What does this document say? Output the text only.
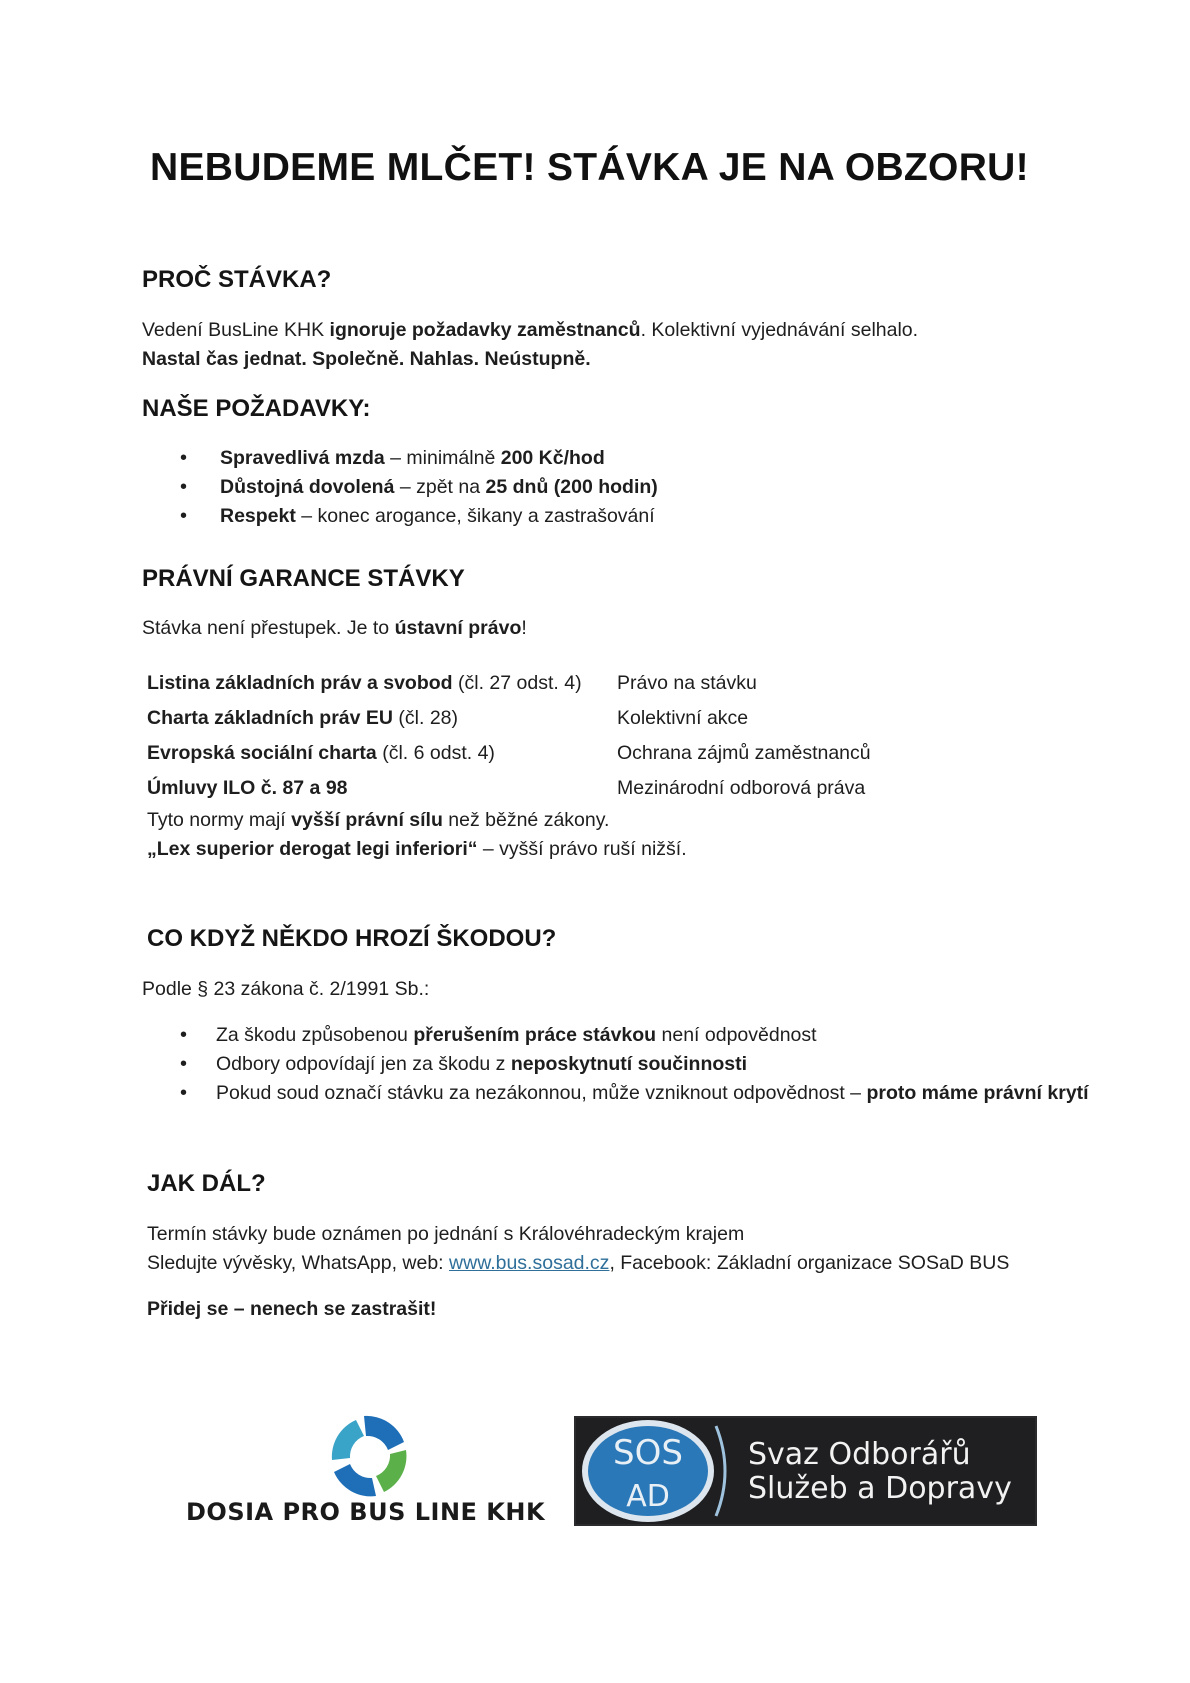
NEBUDEME MLČET! STÁVKA JE NA OBZORU!
PROČ STÁVKA?
Vedení BusLine KHK ignoruje požadavky zaměstnanců. Kolektivní vyjednávání selhalo.
Nastal čas jednat. Společně. Nahlas. Neústupně.
NAŠE POŽADAVKY:
• Spravedlivá mzda – minimálně 200 Kč/hod
• Důstojná dovolená – zpět na 25 dnů (200 hodin)
• Respekt – konec arogance, šikany a zastrašování
PRÁVNÍ GARANCE STÁVKY
Stávka není přestupek. Je to ústavní právo!
Listina základních práv a svobod (čl. 27 odst. 4)	Právo na stávku
Charta základních práv EU (čl. 28)	Kolektivní akce
Evropská sociální charta (čl. 6 odst. 4)	Ochrana zájmů zaměstnanců
Úmluvy ILO č. 87 a 98	Mezinárodní odborová práva
Tyto normy mají vyšší právní sílu než běžné zákony.
„Lex superior derogat legi inferiori“ – vyšší právo ruší nižší.
CO KDYŽ NĚKDO HROZÍ ŠKODOU?
Podle § 23 zákona č. 2/1991 Sb.:
• Za škodu způsobenou přerušením práce stávkou není odpovědnost
• Odbory odpovídají jen za škodu z neposkytnutí součinnosti
• Pokud soud označí stávku za nezákonnou, může vzniknout odpovědnost – proto máme právní krytí
JAK DÁL?
Termín stávky bude oznámen po jednání s Královéhradeckým krajem
Sledujte vývěsky, WhatsApp, web: www.bus.sosad.cz, Facebook: Základní organizace SOSaD BUS
Přidej se – nenech se zastrašit!
DOSIA PRO BUS LINE KHK
SOS
AD
Svaz Odborářů
Služeb a Dopravy
